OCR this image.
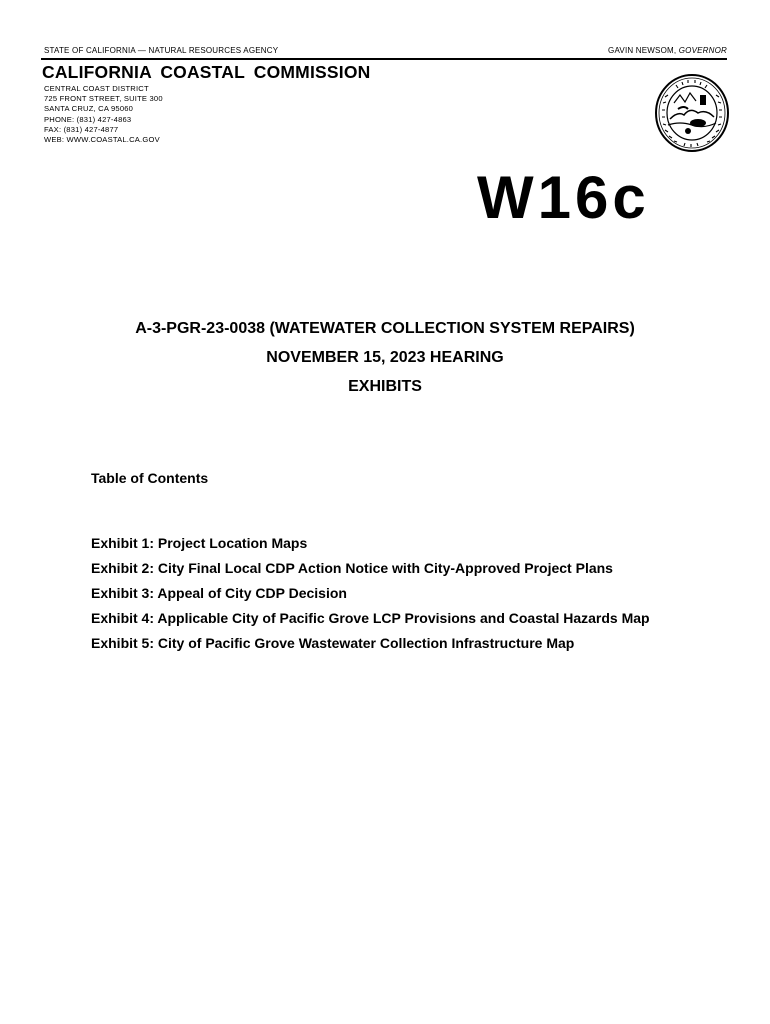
STATE OF CALIFORNIA — NATURAL RESOURCES AGENCY	GAVIN NEWSOM, GOVERNOR
CALIFORNIA COASTAL COMMISSION
CENTRAL COAST DISTRICT
725 FRONT STREET, SUITE 300
SANTA CRUZ, CA 95060
PHONE: (831) 427-4863
FAX: (831) 427-4877
WEB: WWW.COASTAL.CA.GOV
W16c
A-3-PGR-23-0038 (WATEWATER COLLECTION SYSTEM REPAIRS)
NOVEMBER 15, 2023 HEARING
EXHIBITS
Table of Contents
Exhibit 1: Project Location Maps
Exhibit 2: City Final Local CDP Action Notice with City-Approved Project Plans
Exhibit 3: Appeal of City CDP Decision
Exhibit 4: Applicable City of Pacific Grove LCP Provisions and Coastal Hazards Map
Exhibit 5: City of Pacific Grove Wastewater Collection Infrastructure Map
